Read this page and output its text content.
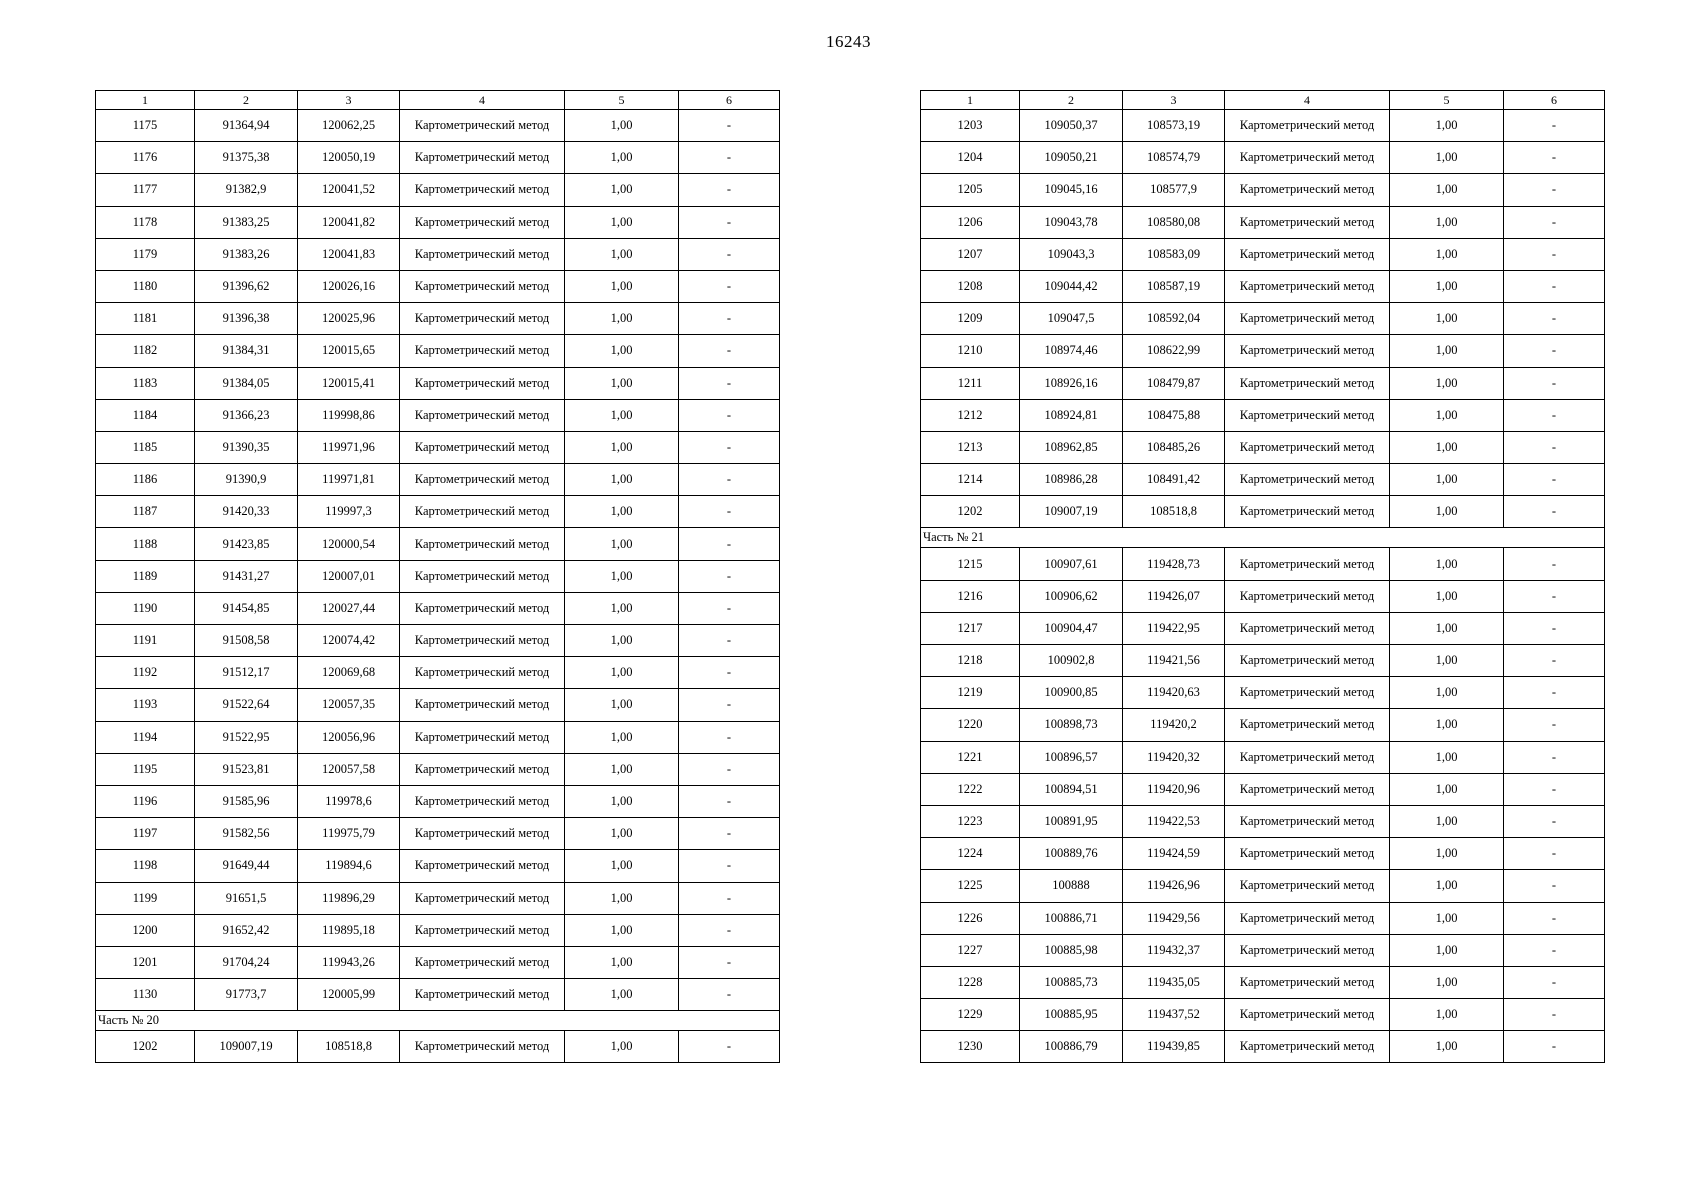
16243
1	2	3	4	5	6
1175	91364,94	120062,25	Картометрический метод	1,00	-
1176	91375,38	120050,19	Картометрический метод	1,00	-
1177	91382,9	120041,52	Картометрический метод	1,00	-
1178	91383,25	120041,82	Картометрический метод	1,00	-
1179	91383,26	120041,83	Картометрический метод	1,00	-
1180	91396,62	120026,16	Картометрический метод	1,00	-
1181	91396,38	120025,96	Картометрический метод	1,00	-
1182	91384,31	120015,65	Картометрический метод	1,00	-
1183	91384,05	120015,41	Картометрический метод	1,00	-
1184	91366,23	119998,86	Картометрический метод	1,00	-
1185	91390,35	119971,96	Картометрический метод	1,00	-
1186	91390,9	119971,81	Картометрический метод	1,00	-
1187	91420,33	119997,3	Картометрический метод	1,00	-
1188	91423,85	120000,54	Картометрический метод	1,00	-
1189	91431,27	120007,01	Картометрический метод	1,00	-
1190	91454,85	120027,44	Картометрический метод	1,00	-
1191	91508,58	120074,42	Картометрический метод	1,00	-
1192	91512,17	120069,68	Картометрический метод	1,00	-
1193	91522,64	120057,35	Картометрический метод	1,00	-
1194	91522,95	120056,96	Картометрический метод	1,00	-
1195	91523,81	120057,58	Картометрический метод	1,00	-
1196	91585,96	119978,6	Картометрический метод	1,00	-
1197	91582,56	119975,79	Картометрический метод	1,00	-
1198	91649,44	119894,6	Картометрический метод	1,00	-
1199	91651,5	119896,29	Картометрический метод	1,00	-
1200	91652,42	119895,18	Картометрический метод	1,00	-
1201	91704,24	119943,26	Картометрический метод	1,00	-
1130	91773,7	120005,99	Картометрический метод	1,00	-
Часть № 20					
1202	109007,19	108518,8	Картометрический метод	1,00	-
1	2	3	4	5	6
1203	109050,37	108573,19	Картометрический метод	1,00	-
1204	109050,21	108574,79	Картометрический метод	1,00	-
1205	109045,16	108577,9	Картометрический метод	1,00	-
1206	109043,78	108580,08	Картометрический метод	1,00	-
1207	109043,3	108583,09	Картометрический метод	1,00	-
1208	109044,42	108587,19	Картометрический метод	1,00	-
1209	109047,5	108592,04	Картометрический метод	1,00	-
1210	108974,46	108622,99	Картометрический метод	1,00	-
1211	108926,16	108479,87	Картометрический метод	1,00	-
1212	108924,81	108475,88	Картометрический метод	1,00	-
1213	108962,85	108485,26	Картометрический метод	1,00	-
1214	108986,28	108491,42	Картометрический метод	1,00	-
1202	109007,19	108518,8	Картометрический метод	1,00	-
Часть № 21					
1215	100907,61	119428,73	Картометрический метод	1,00	-
1216	100906,62	119426,07	Картометрический метод	1,00	-
1217	100904,47	119422,95	Картометрический метод	1,00	-
1218	100902,8	119421,56	Картометрический метод	1,00	-
1219	100900,85	119420,63	Картометрический метод	1,00	-
1220	100898,73	119420,2	Картометрический метод	1,00	-
1221	100896,57	119420,32	Картометрический метод	1,00	-
1222	100894,51	119420,96	Картометрический метод	1,00	-
1223	100891,95	119422,53	Картометрический метод	1,00	-
1224	100889,76	119424,59	Картометрический метод	1,00	-
1225	100888	119426,96	Картометрический метод	1,00	-
1226	100886,71	119429,56	Картометрический метод	1,00	-
1227	100885,98	119432,37	Картометрический метод	1,00	-
1228	100885,73	119435,05	Картометрический метод	1,00	-
1229	100885,95	119437,52	Картометрический метод	1,00	-
1230	100886,79	119439,85	Картометрический метод	1,00	-
